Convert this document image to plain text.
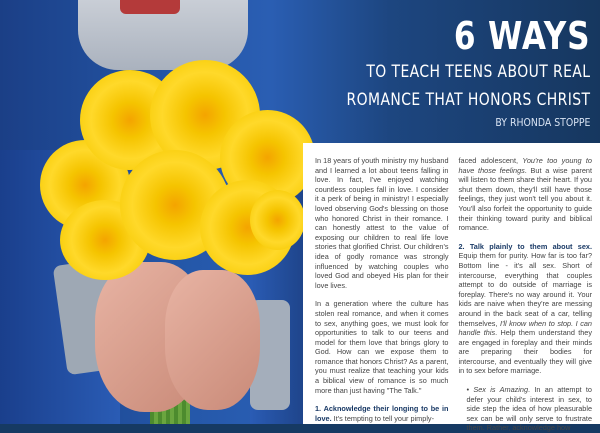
6 WAYS
TO TEACH TEENS ABOUT REAL
ROMANCE THAT HONORS CHRIST
BY RHONDA STOPPE

In 18 years of youth ministry my husband and I learned a lot about teens falling in love. In fact, I've enjoyed watching countless couples fall in love. I consider it a perk of being in ministry! I especially loved observing God's blessing on those who honored Christ in their romance. I can honestly attest to the value of exposing our children to real life love stories that glorified Christ. Our children's idea of godly romance was strongly influenced by watching couples who loved God and obeyed His plan for their love lives.

In a generation where the culture has stolen real romance, and when it comes to sex, anything goes, we must look for opportunities to talk to our teens and model for them love that brings glory to God. How can we expose them to romance that honors Christ? As a parent, you must realize that teaching your kids a biblical view of romance is so much more than just having "The Talk."

1. Acknowledge their longing to be in love. It's tempting to tell your pimply-

faced adolescent, You're too young to have those feelings. But a wise parent will listen to them share their heart. If you shut them down, they'll still have those feelings, they just won't tell you about it. You'll also forfeit the opportunity to guide their thinking toward purity and biblical romance.

2. Talk plainly to them about sex. Equip them for purity. How far is too far? Bottom line - it's all sex. Short of intercourse, everything that couples attempt to do outside of marriage is foreplay. There's no way around it. Your kids are naive when they're are messing around in the back seat of a car, telling themselves, I'll know when to stop. I can handle this. Help them understand they are engaged in foreplay and their minds are preparing their bodies for intercourse, and eventually they will give in to sex before marriage.

• Sex is Amazing. In an attempt to defer your child's interest in sex, to side step the idea of how pleasurable sex can be will only serve to frustrate them. Rather, acknowledge how
